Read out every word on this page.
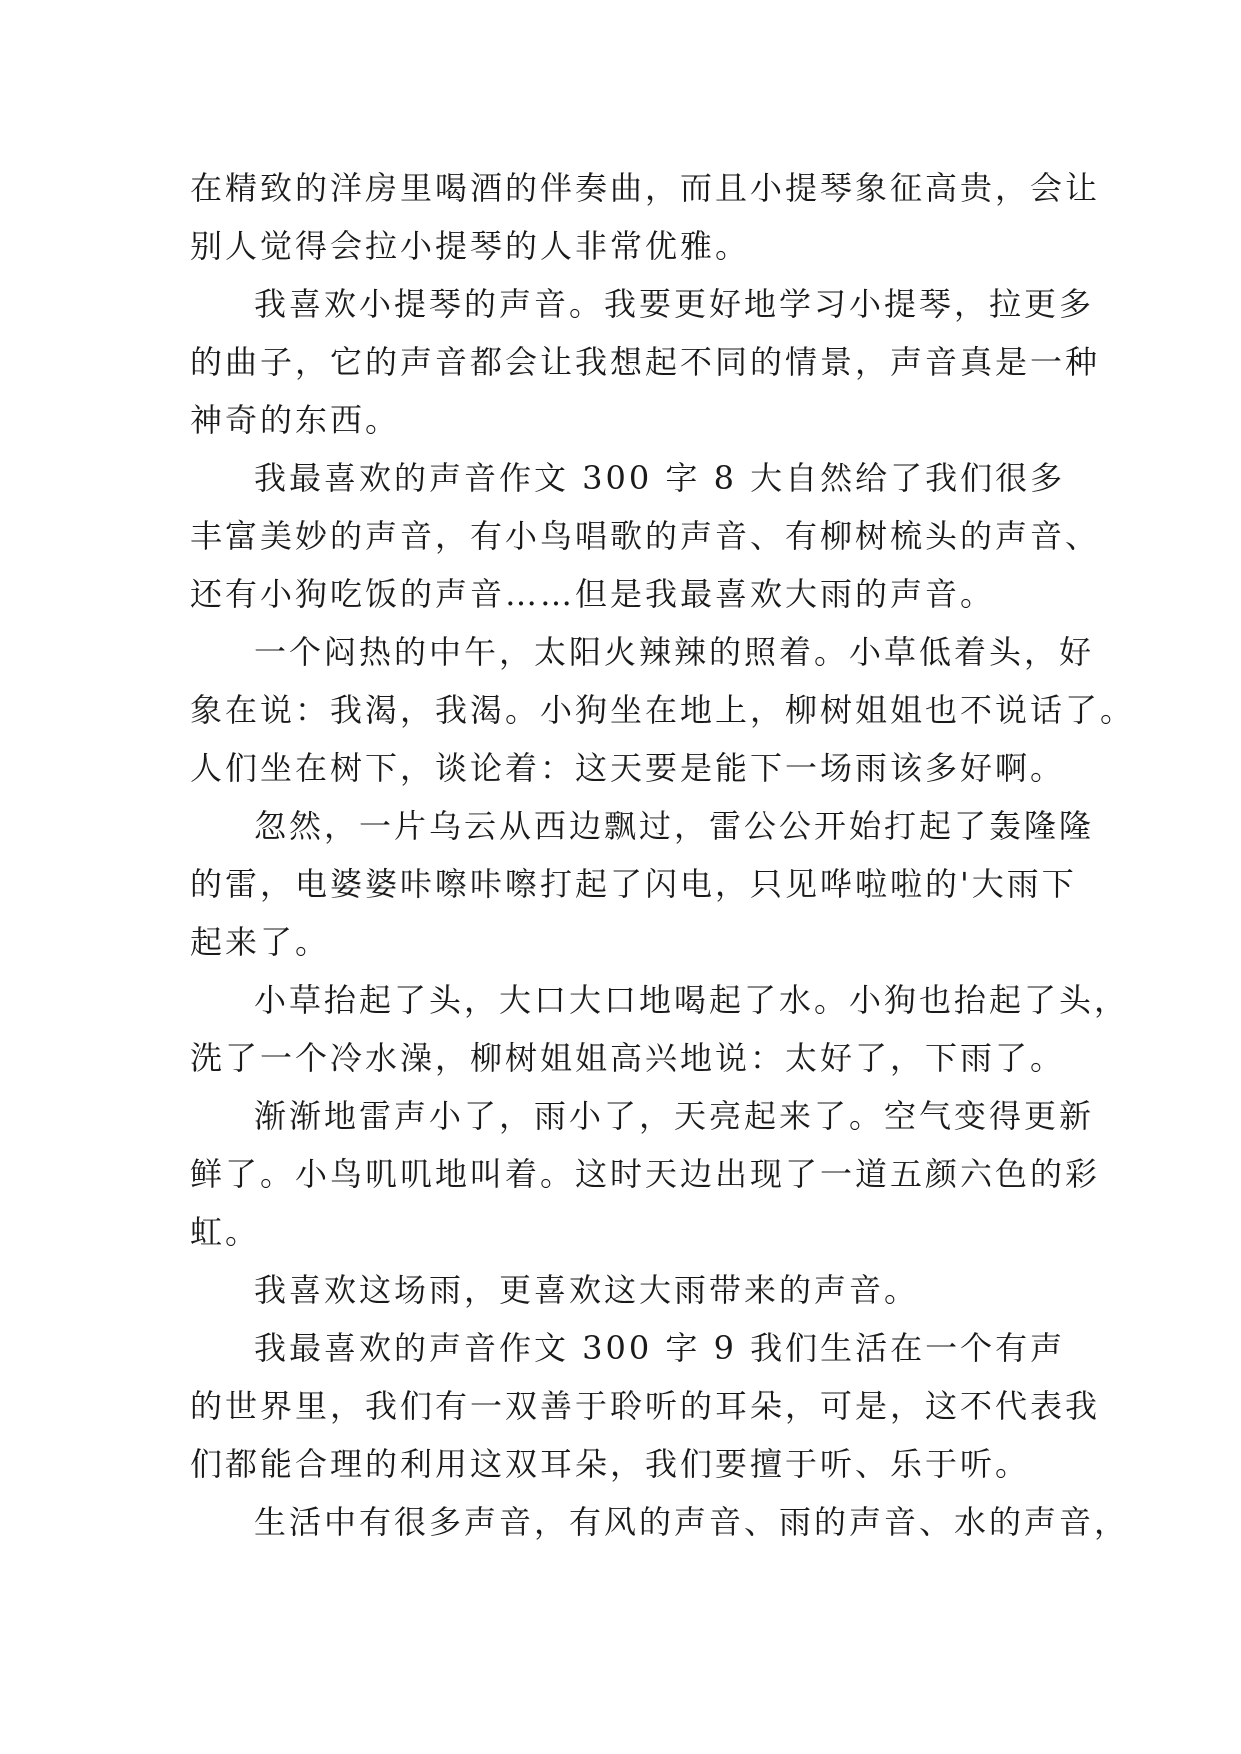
在精致的洋房里喝酒的伴奏曲，而且小提琴象征高贵，会让
别人觉得会拉小提琴的人非常优雅。
我喜欢小提琴的声音。我要更好地学习小提琴，拉更多
的曲子，它的声音都会让我想起不同的情景，声音真是一种
神奇的东西。
我最喜欢的声音作文 300 字 8 大自然给了我们很多
丰富美妙的声音，有小鸟唱歌的声音、有柳树梳头的声音、
还有小狗吃饭的声音……但是我最喜欢大雨的声音。
一个闷热的中午，太阳火辣辣的照着。小草低着头，好
象在说：我渴，我渴。小狗坐在地上，柳树姐姐也不说话了。
人们坐在树下，谈论着：这天要是能下一场雨该多好啊。
忽然，一片乌云从西边飘过，雷公公开始打起了轰隆隆
的雷，电婆婆咔嚓咔嚓打起了闪电，只见哗啦啦的'大雨下
起来了。
小草抬起了头，大口大口地喝起了水。小狗也抬起了头，
洗了一个冷水澡，柳树姐姐高兴地说：太好了，下雨了。
渐渐地雷声小了，雨小了，天亮起来了。空气变得更新
鲜了。小鸟叽叽地叫着。这时天边出现了一道五颜六色的彩
虹。
我喜欢这场雨，更喜欢这大雨带来的声音。
我最喜欢的声音作文 300 字 9 我们生活在一个有声
的世界里，我们有一双善于聆听的耳朵，可是，这不代表我
们都能合理的利用这双耳朵，我们要擅于听、乐于听。
生活中有很多声音，有风的声音、雨的声音、水的声音，
